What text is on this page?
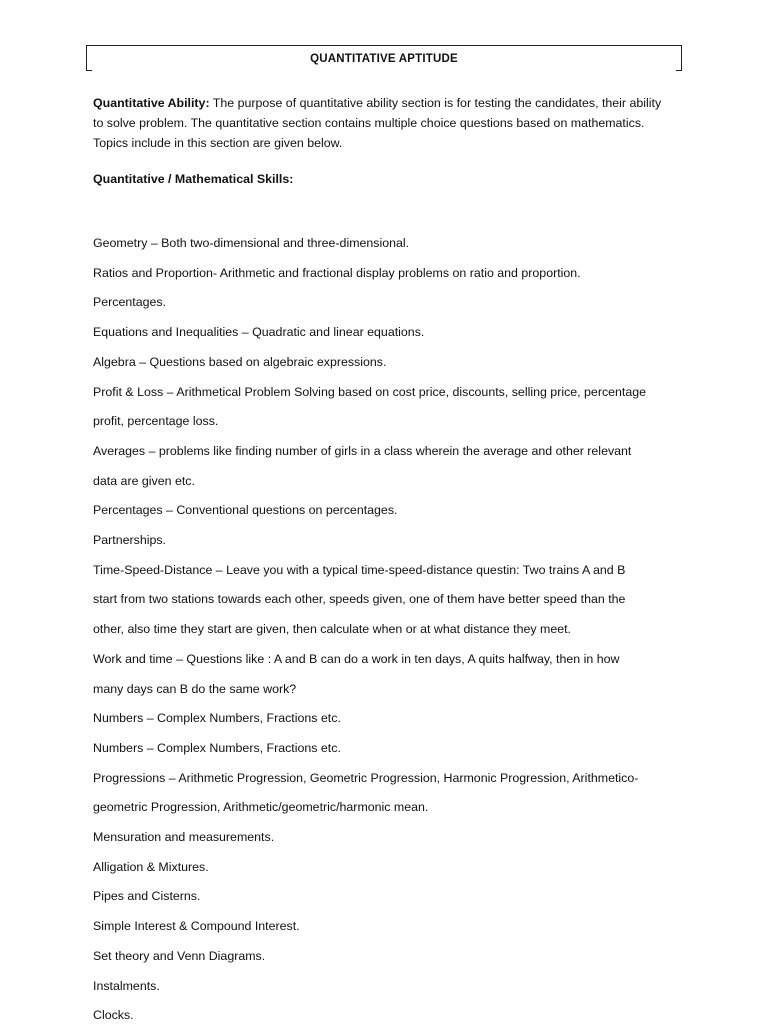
QUANTITATIVE APTITUDE

Quantitative Ability: The purpose of quantitative ability section is for testing the candidates, their ability to solve problem. The quantitative section contains multiple choice questions based on mathematics. Topics include in this section are given below.

Quantitative / Mathematical Skills:

Geometry – Both two-dimensional and three-dimensional.
Ratios and Proportion- Arithmetic and fractional display problems on ratio and proportion.
Percentages.
Equations and Inequalities – Quadratic and linear equations.
Algebra – Questions based on algebraic expressions.
Profit & Loss – Arithmetical Problem Solving based on cost price, discounts, selling price, percentage
profit, percentage loss.
Averages – problems like finding number of girls in a class wherein the average and other relevant
data are given etc.
Percentages – Conventional questions on percentages.
Partnerships.
Time-Speed-Distance – Leave you with a typical time-speed-distance questin: Two trains A and B
start from two stations towards each other, speeds given, one of them have better speed than the
other, also time they start are given, then calculate when or at what distance they meet.
Work and time – Questions like : A and B can do a work in ten days, A quits halfway, then in how
many days can B do the same work?
Numbers – Complex Numbers, Fractions etc.
Numbers – Complex Numbers, Fractions etc.
Progressions – Arithmetic Progression, Geometric Progression, Harmonic Progression, Arithmetico-
geometric Progression, Arithmetic/geometric/harmonic mean.
Mensuration and measurements.
Alligation & Mixtures.
Pipes and Cisterns.
Simple Interest & Compound Interest.
Set theory and Venn Diagrams.
Instalments.
Clocks.
